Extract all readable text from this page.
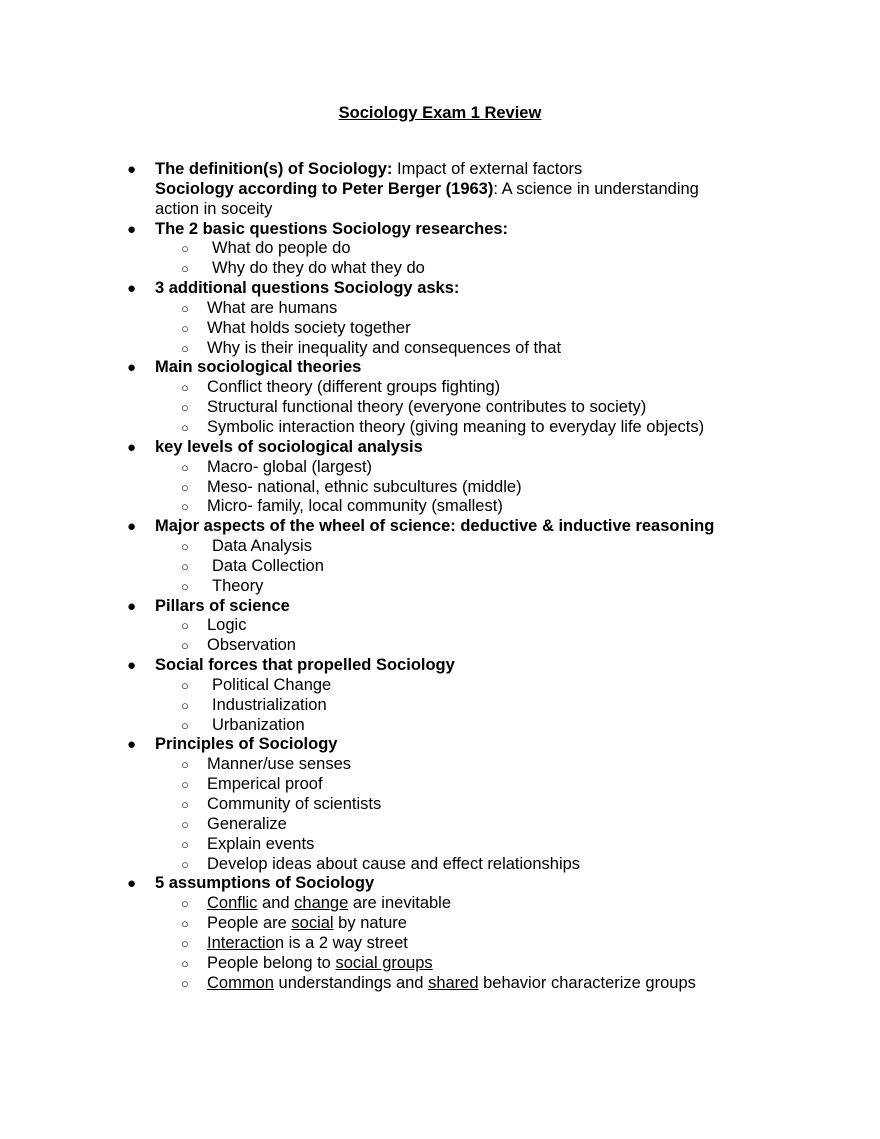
Sociology Exam 1 Review
● The definition(s) of Sociology: Impact of external factors
Sociology according to Peter Berger (1963): A science in understanding
action in soceity
● The 2 basic questions Sociology researches:
○ What do people do
○ Why do they do what they do
● 3 additional questions Sociology asks:
○ What are humans
○ What holds society together
○ Why is their inequality and consequences of that
● Main sociological theories
○ Conflict theory (different groups fighting)
○ Structural functional theory (everyone contributes to society)
○ Symbolic interaction theory (giving meaning to everyday life objects)
● key levels of sociological analysis
○ Macro- global (largest)
○ Meso- national, ethnic subcultures (middle)
○ Micro- family, local community (smallest)
● Major aspects of the wheel of science: deductive & inductive reasoning
○ Data Analysis
○ Data Collection
○ Theory
● Pillars of science
○ Logic
○ Observation
● Social forces that propelled Sociology
○ Political Change
○ Industrialization
○ Urbanization
● Principles of Sociology
○ Manner/use senses
○ Emperical proof
○ Community of scientists
○ Generalize
○ Explain events
○ Develop ideas about cause and effect relationships
● 5 assumptions of Sociology
○ Conflic and change are inevitable
○ People are social by nature
○ Interaction is a 2 way street
○ People belong to social groups
○ Common understandings and shared behavior characterize groups
